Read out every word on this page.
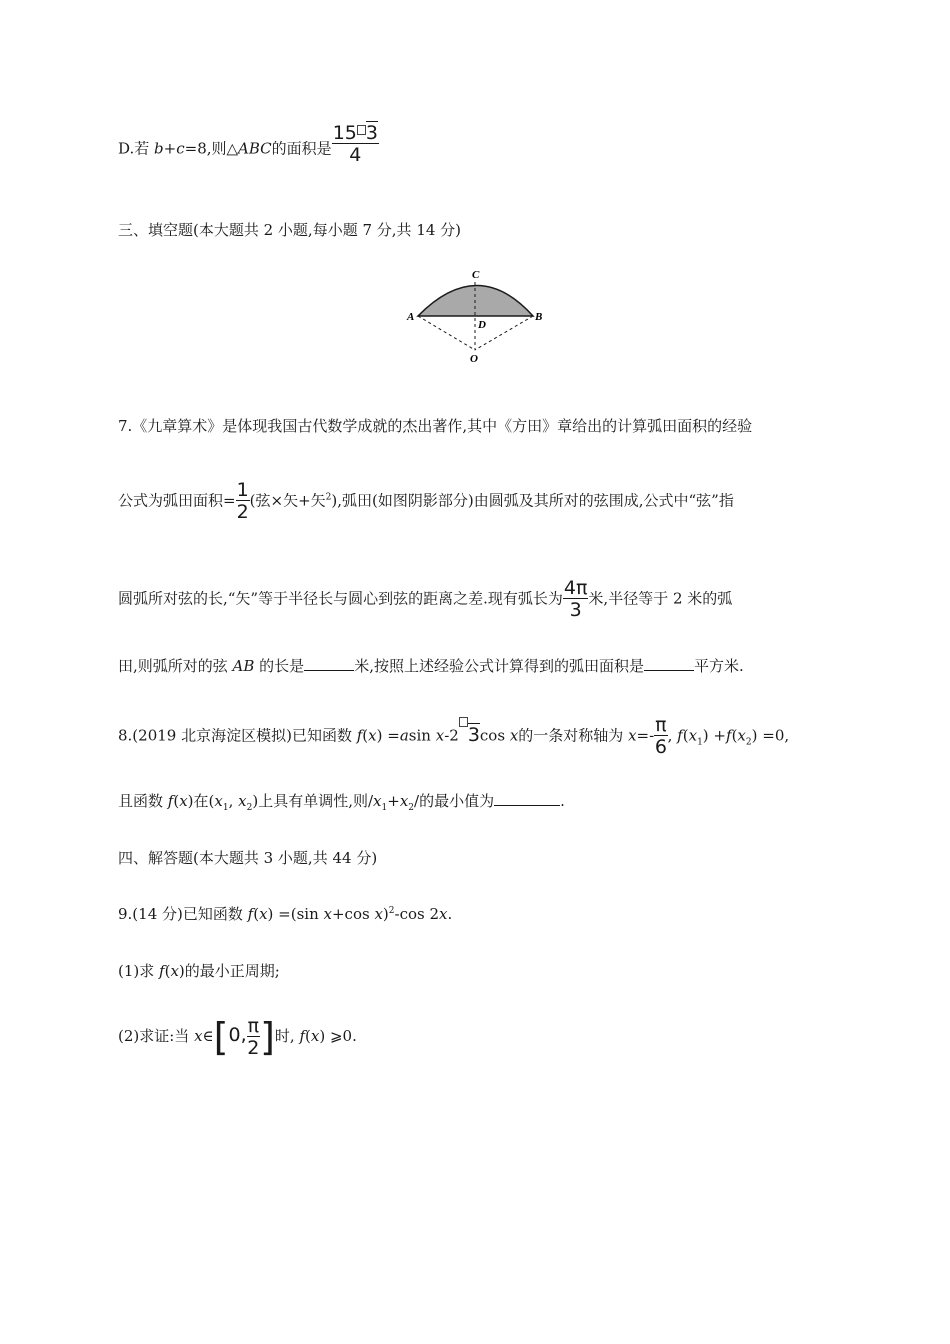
D.若 b+c=8,则△ABC的面积是 $\frac{15 3}{4}$
三、填空题(本大题共 2 小题,每小题 7 分,共 14 分)
A	B
C
D
O
7.《九章算术》是体现我国古代数学成就的杰出著作,其中《方田》章给出的计算弧田面积的经验
公式为弧田面积= $\frac{1}{2}$ (弦×矢+矢$^2$),弧田(如图阴影部分)由圆弧及其所对的弦围成,公式中“弦”指
圆弧所对弦的长,“矢”等于半径长与圆心到弦的距离之差.现有弧长为 $\frac{4\pi}{3}$ 米,半径等于 2 米的弧
田,则弧所对的弦 AB 的长是	米,按照上述经验公式计算得到的弧田面积是	平方米.
8.(2019 北京海淀区模拟)已知函数 f(x) =asin x-2 3cos x的一条对称轴为 $x=- \frac{\pi}{6}$ , $f(x_1) +f(x_2) =0$,
且函数 f(x)在($x_1$, $x_2$)上具有单调性,则$/x_1+x_2/$的最小值为	.
四、解答题(本大题共 3 小题,共 44 分)
9.(14 分)已知函数 f(x) =(sin x+cos x)$^2$-cos 2x.
(1)求 f(x)的最小正周期;
(2)求证:当 x∈[0, $\frac{\pi}{2}$ ]时, f(x) ⩾0.
